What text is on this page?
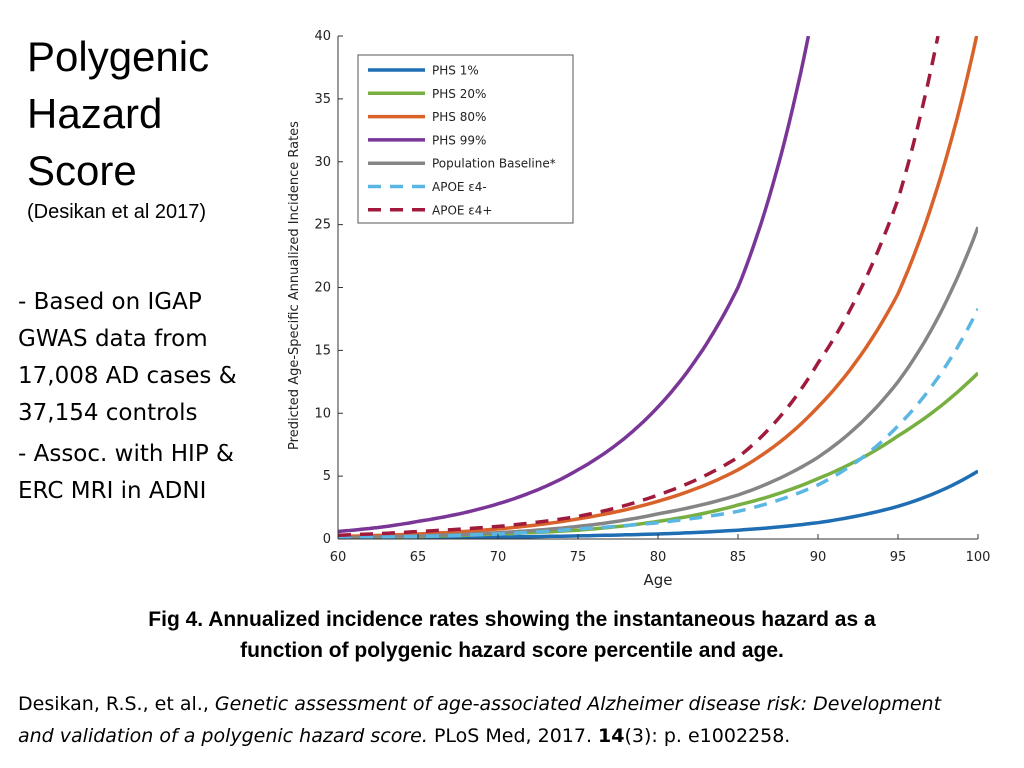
Polygenic
Hazard
Score
(Desikan et al 2017)

- Based on IGAP
GWAS data from
17,008 AD cases &
37,154 controls

- Assoc. with HIP &
ERC MRI in ADNI

60	65	70	75	80	85	90	95	100
0
5
10
15
20
25
30
35
40
Age
Predicted Age-Specific Annualized Incidence Rates
PHS 1%
PHS 20%
PHS 80%
PHS 99%
Population Baseline*
APOE ε4-
APOE ε4+
Fig 4. Annualized incidence rates showing the instantaneous hazard as a
function of polygenic hazard score percentile and age.
Desikan, R.S., et al., Genetic assessment of age-associated Alzheimer disease risk: Development
and validation of a polygenic hazard score. PLoS Med, 2017. 14(3): p. e1002258.
